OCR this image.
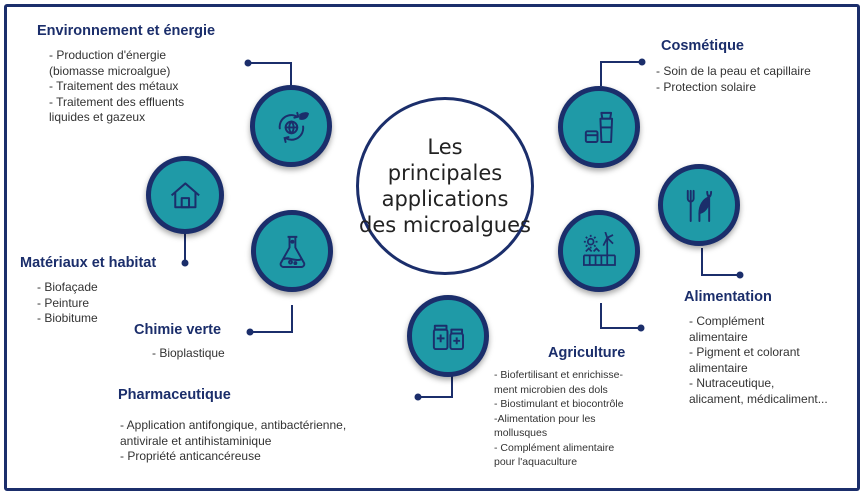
Les
principales
applications
des microalgues
Environnement et énergie
- Production d'énergie
(biomasse microalgue)
- Traitement des métaux
- Traitement des effluents
liquides et gazeux
Matériaux et habitat
- Biofaçade
- Peinture
- Biobitume
Chimie verte
- Bioplastique
Pharmaceutique
- Application antifongique, antibactérienne,
antivirale et antihistaminique
- Propriété anticancéreuse
Cosmétique
- Soin de la peau et capillaire
- Protection solaire
Alimentation
- Complément
alimentaire
- Pigment et colorant
alimentaire
- Nutraceutique,
alicament, médicaliment...
Agriculture
- Biofertilisant et enrichisse-
ment microbien des dols
- Biostimulant et biocontrôle
-Alimentation pour les
mollusques
- Complément alimentaire
pour l'aquaculture
